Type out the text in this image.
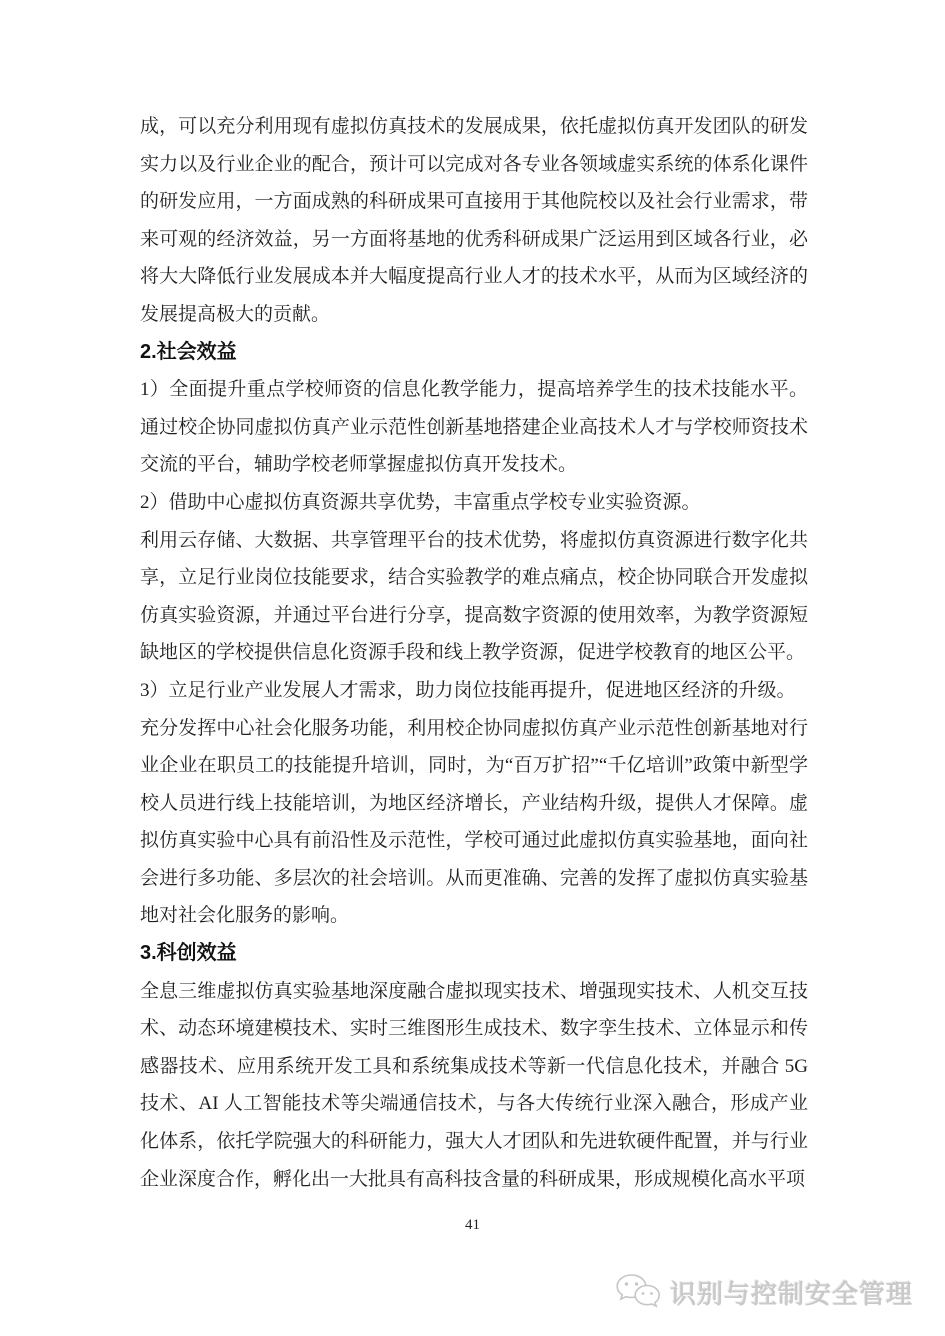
成，可以充分利用现有虚拟仿真技术的发展成果，依托虚拟仿真开发团队的研发实力以及行业企业的配合，预计可以完成对各专业各领域虚实系统的体系化课件的研发应用，一方面成熟的科研成果可直接用于其他院校以及社会行业需求，带来可观的经济效益，另一方面将基地的优秀科研成果广泛运用到区域各行业，必将大大降低行业发展成本并大幅度提高行业人才的技术水平，从而为区域经济的发展提高极大的贡献。

2.社会效益

1）全面提升重点学校师资的信息化教学能力，提高培养学生的技术技能水平。通过校企协同虚拟仿真产业示范性创新基地搭建企业高技术人才与学校师资技术交流的平台，辅助学校老师掌握虚拟仿真开发技术。

2）借助中心虚拟仿真资源共享优势，丰富重点学校专业实验资源。

利用云存储、大数据、共享管理平台的技术优势，将虚拟仿真资源进行数字化共享，立足行业岗位技能要求，结合实验教学的难点痛点，校企协同联合开发虚拟仿真实验资源，并通过平台进行分享，提高数字资源的使用效率，为教学资源短缺地区的学校提供信息化资源手段和线上教学资源，促进学校教育的地区公平。

3）立足行业产业发展人才需求，助力岗位技能再提升，促进地区经济的升级。

充分发挥中心社会化服务功能，利用校企协同虚拟仿真产业示范性创新基地对行业企业在职员工的技能提升培训，同时，为“百万扩招”“千亿培训”政策中新型学校人员进行线上技能培训，为地区经济增长，产业结构升级，提供人才保障。虚拟仿真实验中心具有前沿性及示范性，学校可通过此虚拟仿真实验基地，面向社会进行多功能、多层次的社会培训。从而更准确、完善的发挥了虚拟仿真实验基地对社会化服务的影响。

3.科创效益

全息三维虚拟仿真实验基地深度融合虚拟现实技术、增强现实技术、人机交互技术、动态环境建模技术、实时三维图形生成技术、数字孪生技术、立体显示和传感器技术、应用系统开发工具和系统集成技术等新一代信息化技术，并融合 5G 技术、AI 人工智能技术等尖端通信技术，与各大传统行业深入融合，形成产业化体系，依托学院强大的科研能力，强大人才团队和先进软硬件配置，并与行业企业深度合作，孵化出一大批具有高科技含量的科研成果，形成规模化高水平项

41
识别与控制安全管理
